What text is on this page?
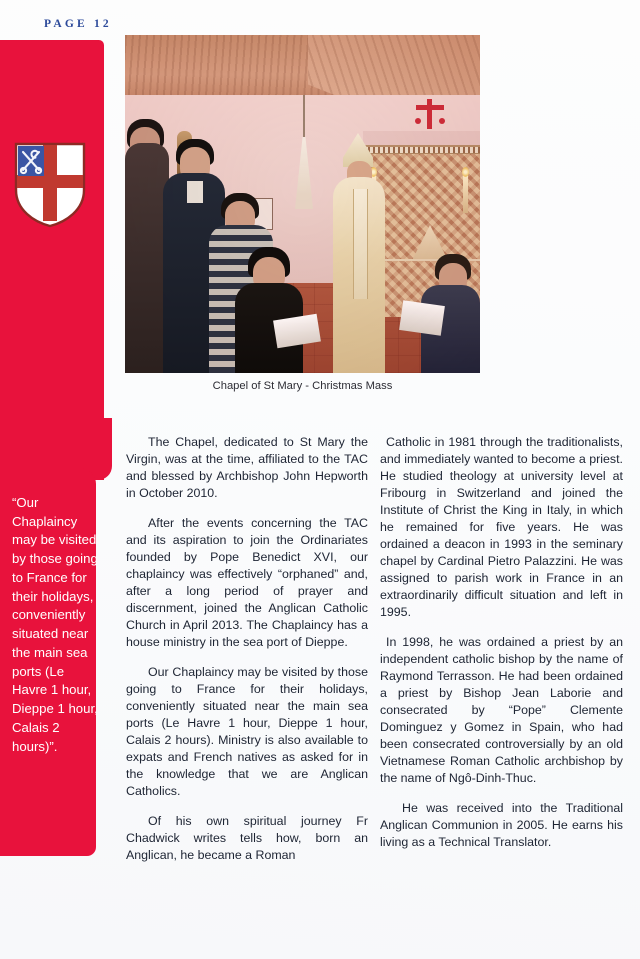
PAGE 12
“Our Chaplaincy may be visited by those going to France for their holidays, conveniently situated near the main sea ports (Le Havre 1 hour, Dieppe 1 hour, Calais 2 hours)”.
Chapel of St Mary - Christmas Mass

The Chapel, dedicated to St Mary the Virgin, was at the time, affiliated to the TAC and blessed by Archbishop John Hepworth in October 2010.

After the events concerning the TAC and its aspiration to join the Ordinariates founded by Pope Benedict XVI, our chaplaincy was effectively “orphaned” and, after a long period of prayer and discernment, joined the Anglican Catholic Church in April 2013. The Chaplaincy has a house ministry in the sea port of Dieppe.

Our Chaplaincy may be visited by those going to France for their holidays, conveniently situated near the main sea ports (Le Havre 1 hour, Dieppe 1 hour, Calais 2 hours). Ministry is also available to expats and French natives as asked for in the knowledge that we are Anglican Catholics.

Of his own spiritual journey Fr Chadwick writes tells how, born an Anglican, he became a Roman

Catholic in 1981 through the traditionalists, and immediately wanted to become a priest. He studied theology at university level at Fribourg in Switzerland and joined the Institute of Christ the King in Italy, in which he remained for five years. He was ordained a deacon in 1993 in the seminary chapel by Cardinal Pietro Palazzini. He was assigned to parish work in France in an extraordinarily difficult situation and left in 1995.

In 1998, he was ordained a priest by an independent catholic bishop by the name of Raymond Terrasson. He had been ordained a priest by Bishop Jean Laborie and consecrated by “Pope” Clemente Dominguez y Gomez in Spain, who had been consecrated controversially by an old Vietnamese Roman Catholic archbishop by the name of Ngô-Dinh-Thuc.

He was received into the Traditional Anglican Communion in 2005. He earns his living as a Technical Translator.
